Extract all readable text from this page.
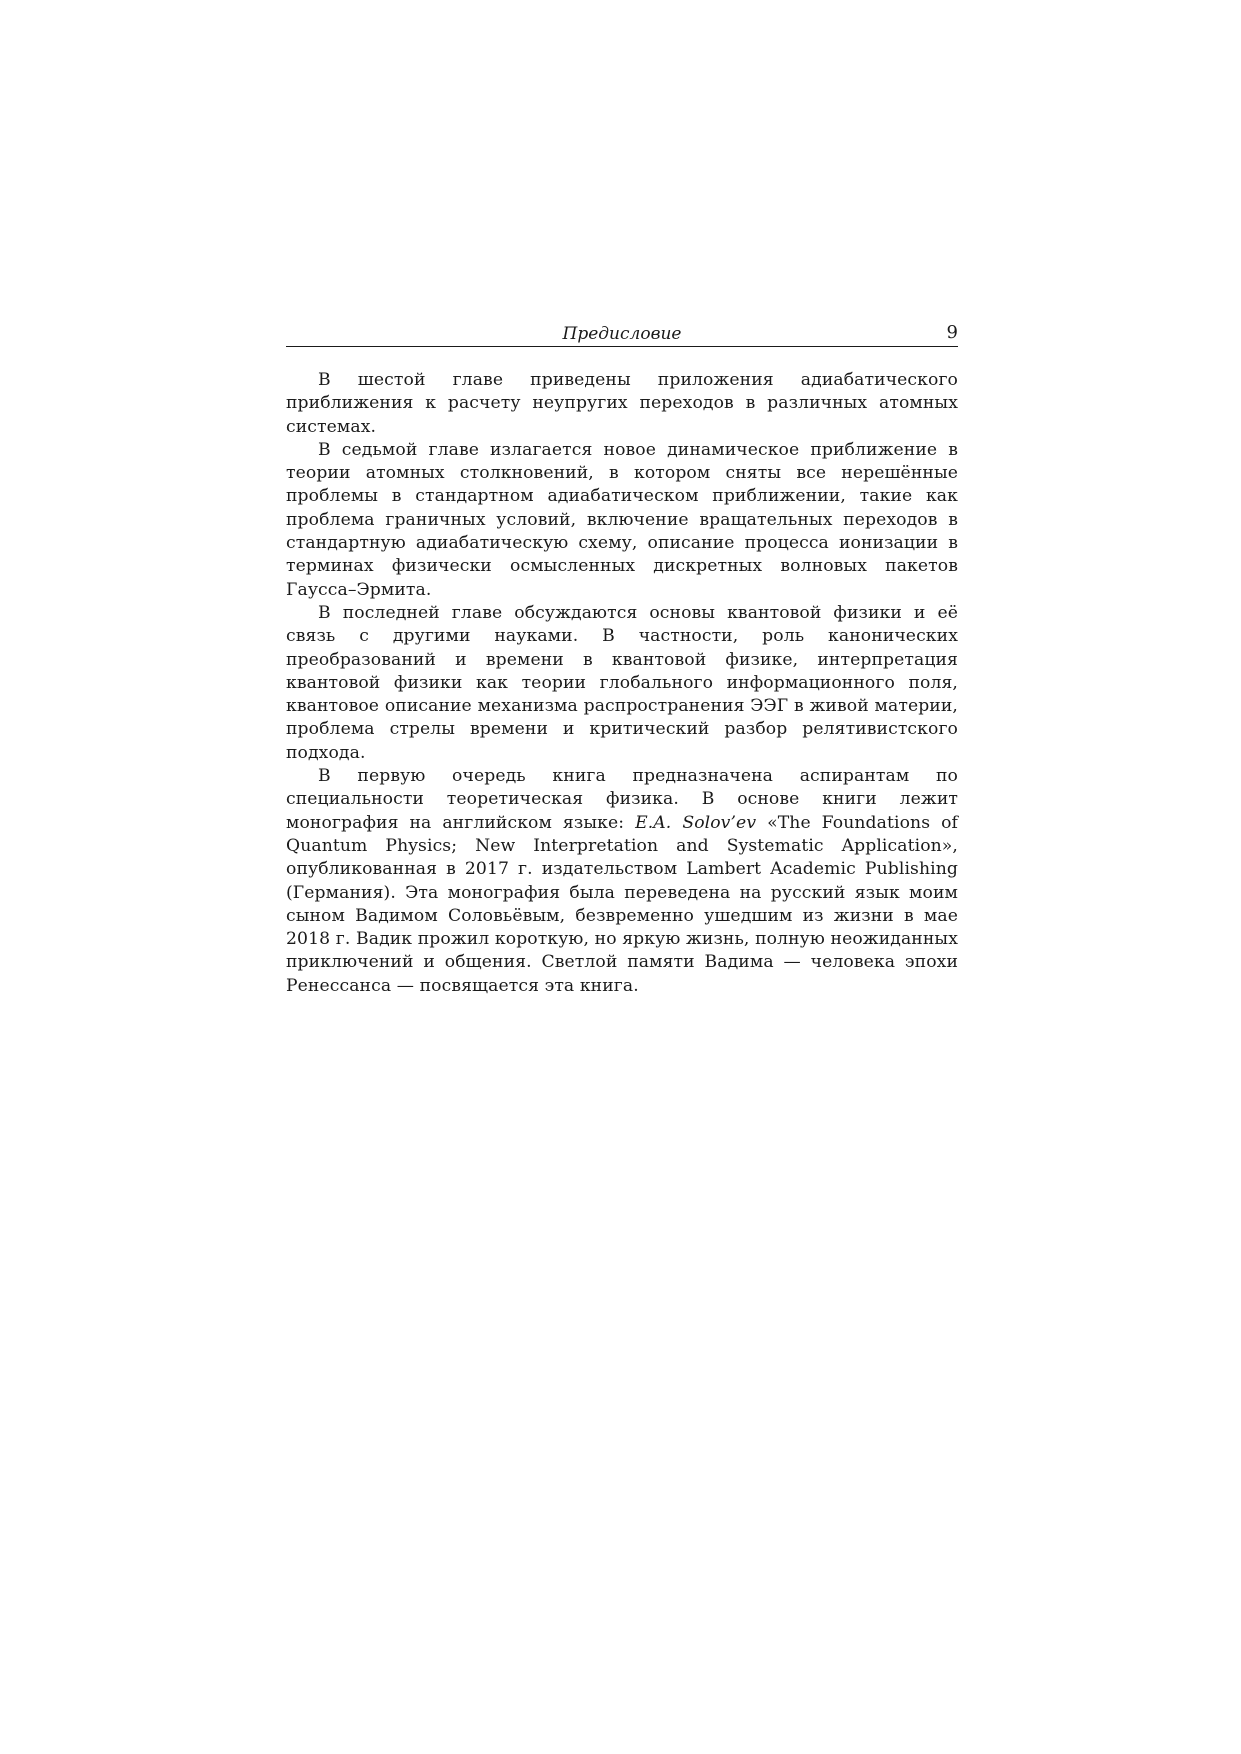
Предисловие	9

В шестой главе приведены приложения адиабатического приближения к расчету неупругих переходов в различных атомных системах.

В седьмой главе излагается новое динамическое приближение в теории атомных столкновений, в котором сняты все нерешённые проблемы в стандартном адиабатическом приближении, такие как проблема граничных условий, включение вращательных переходов в стандартную адиабатическую схему, описание процесса ионизации в терминах физически осмысленных дискретных волновых пакетов Гаусса–Эрмита.

В последней главе обсуждаются основы квантовой физики и её связь с другими науками. В частности, роль канонических преобразований и времени в квантовой физике, интерпретация квантовой физики как теории глобального информационного поля, квантовое описание механизма распространения ЭЭГ в живой материи, проблема стрелы времени и критический разбор релятивистского подхода.

В первую очередь книга предназначена аспирантам по специальности теоретическая физика. В основе книги лежит монография на английском языке: E.A. Solov’ev «The Foundations of Quantum Physics; New Interpretation and Systematic Application», опубликованная в 2017 г. издательством Lambert Academic Publishing (Германия). Эта монография была переведена на русский язык моим сыном Вадимом Соловьёвым, безвременно ушедшим из жизни в мае 2018 г. Вадик прожил короткую, но яркую жизнь, полную неожиданных приключений и общения. Светлой памяти Вадима — человека эпохи Ренессанса — посвящается эта книга.
